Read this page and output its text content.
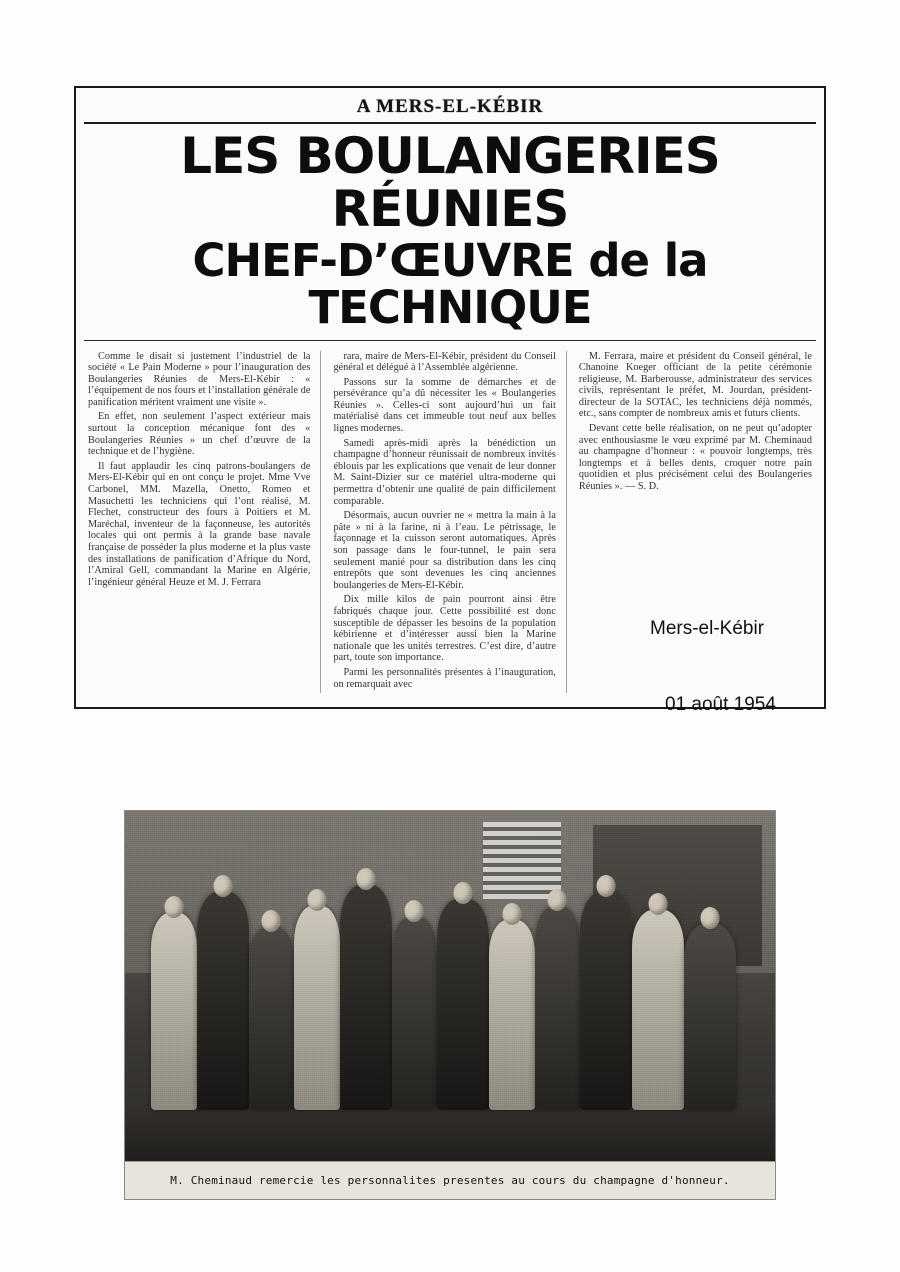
A MERS-EL-KÉBIR
LES BOULANGERIES RÉUNIES
CHEF-D’ŒUVRE de la TECHNIQUE

Comme le disait si justement l’industriel de la société « Le Pain Moderne » pour l’inauguration des Boulangeries Réunies de Mers-El-Kébir : « l’équipement de nos fours et l’installation générale de panification méritent vraiment une visite ».

En effet, non seulement l’aspect extérieur mais surtout la conception mécanique font des « Boulangeries Réunies » un chef d’œuvre de la technique et de l’hygiène.

Il faut applaudir les cinq patrons-boulangers de Mers-El-Kébir qui en ont conçu le projet. Mme Vve Carbonel, MM. Mazella, Onetto, Romeo et Masuchetti les techniciens qui l’ont réalisé, M. Flechet, constructeur des fours à Poitiers et M. Maréchal, inventeur de la façonneuse, les autorités locales qui ont permis à la grande base navale française de posséder la plus moderne et la plus vaste des installations de panification d’Afrique du Nord, l’Amiral Gell, commandant la Marine en Algérie, l’ingénieur général Heuze et M. J. Ferrara

rara, maire de Mers-El-Kébir, président du Conseil général et délégué à l’Assemblée algérienne.

Passons sur la somme de démarches et de persévérance qu’a dû nécessiter les « Boulangeries Réunies ». Celles-ci sont aujourd’hui un fait matérialisé dans cet immeuble tout neuf aux belles lignes modernes.

Samedi après-midi après la bénédiction un champagne d’honneur réunissait de nombreux invités éblouis par les explications que venait de leur donner M. Saint-Dizier sur ce matériel ultra-moderne qui permettra d’obtenir une qualité de pain difficilement comparable.

Désormais, aucun ouvrier ne « mettra la main à la pâte » ni à la farine, ni à l’eau. Le pétrissage, le façonnage et la cuisson seront automatiques. Après son passage dans le four-tunnel, le pain sera seulement manié pour sa distribution dans les cinq entrepôts que sont devenues les cinq anciennes boulangeries de Mers-El-Kébir.

Dix mille kilos de pain pourront ainsi être fabriqués chaque jour. Cette possibilité est donc susceptible de dépasser les besoins de la population kébirienne et d’intéresser aussi bien la Marine nationale que les unités terrestres. C’est dire, d’autre part, toute son importance.

Parmi les personnalités présentes à l’inauguration, on remarquait avec

M. Ferrara, maire et président du Conseil général, le Chanoine Koeger officiant de la petite cérémonie religieuse, M. Barberousse, administrateur des services civils, représentant le préfet, M. Jourdan, président-directeur de la SOTAC, les techniciens déjà nommés, etc., sans compter de nombreux amis et futurs clients.

Devant cette belle réalisation, on ne peut qu’adopter avec enthousiasme le vœu exprimé par M. Cheminaud au champagne d’honneur : « pouvoir longtemps, très longtemps et à belles dents, croquer notre pain quotidien et plus précisément celui des Boulangeries Réunies ». — S. D.

Mers-el-Kébir
01 août 1954
M. Cheminaud remercie les personnalites presentes au cours du champagne d'honneur.
